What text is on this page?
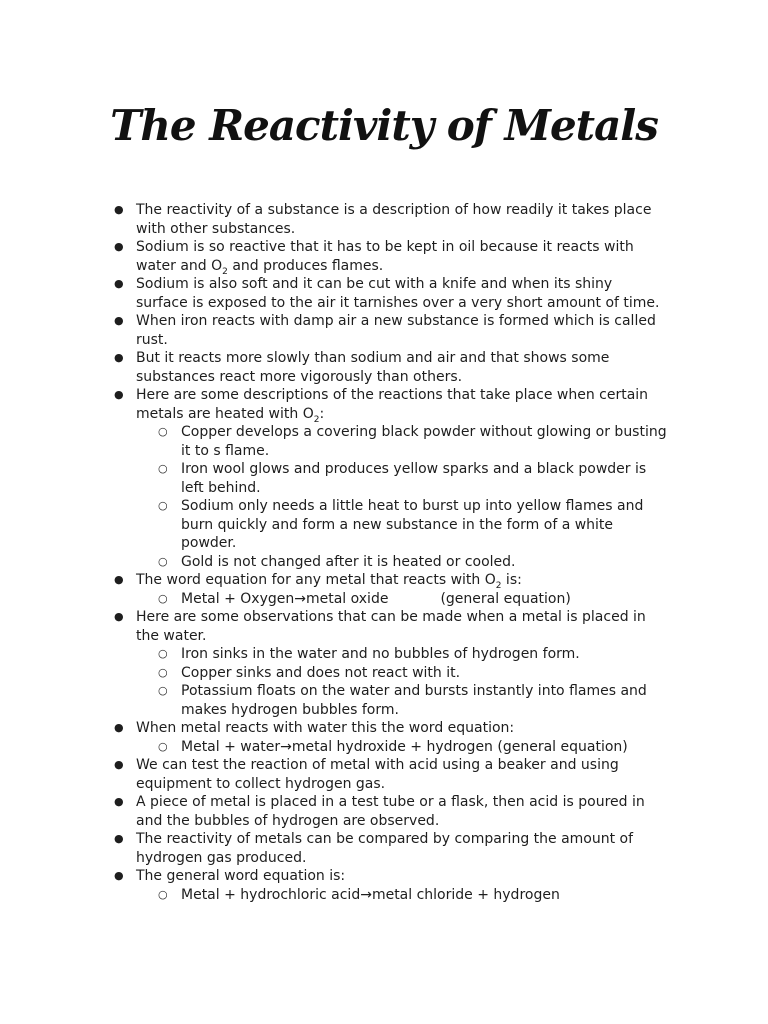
The Reactivity of Metals
● The reactivity of a substance is a description of how readily it takes place with other substances.
● Sodium is so reactive that it has to be kept in oil because it reacts with water and $O_2$ and produces flames.
● Sodium is also soft and it can be cut with a knife and when its shiny surface is exposed to the air it tarnishes over a very short amount of time.
● When iron reacts with damp air a new substance is formed which is called rust.
● But it reacts more slowly than sodium and air and that shows some substances react more vigorously than others.
● Here are some descriptions of the reactions that take place when certain metals are heated with $O_2$:
○ Copper develops a covering black powder without glowing or busting it to s flame.
○ Iron wool glows and produces yellow sparks and a black powder is left behind.
○ Sodium only needs a little heat to burst up into yellow flames and burn quickly and form a new substance in the form of a white powder.
○ Gold is not changed after it is heated or cooled.
● The word equation for any metal that reacts with $O_2$ is:
○ Metal + Oxygen→metal oxide	(general equation)
● Here are some observations that can be made when a metal is placed in the water.
○ Iron sinks in the water and no bubbles of hydrogen form.
○ Copper sinks and does not react with it.
○ Potassium floats on the water and bursts instantly into flames and makes hydrogen bubbles form.
● When metal reacts with water this the word equation:
○ Metal + water→metal hydroxide + hydrogen (general equation)
● We can test the reaction of metal with acid using a beaker and using equipment to collect hydrogen gas.
● A piece of metal is placed in a test tube or a flask, then acid is poured in and the bubbles of hydrogen are observed.
● The reactivity of metals can be compared by comparing the amount of hydrogen gas produced.
● The general word equation is:
○ Metal + hydrochloric acid→metal chloride + hydrogen
